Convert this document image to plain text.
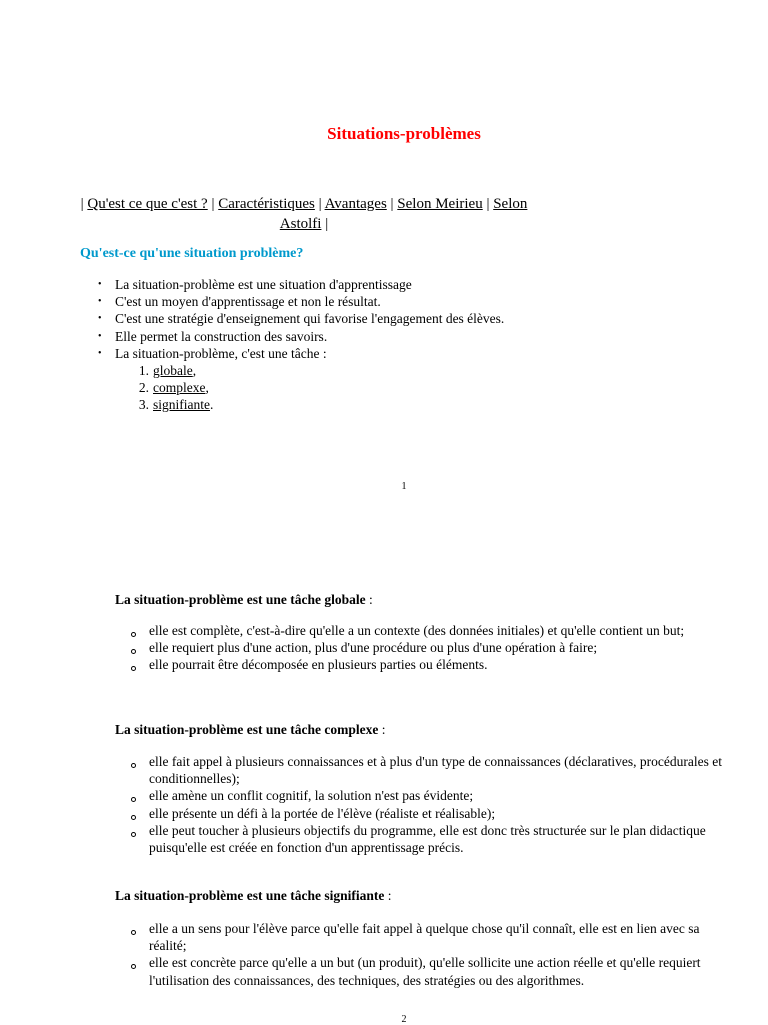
Situations-problèmes
| Qu'est ce que c'est ? | Caractéristiques | Avantages | Selon Meirieu | Selon Astolfi |
Qu'est-ce qu'une situation problème?
• La situation-problème est une situation d'apprentissage
• C'est un moyen d'apprentissage et non le résultat.
• C'est une stratégie d'enseignement qui favorise l'engagement des élèves.
• Elle permet la construction des savoirs.
• La situation-problème, c'est une tâche :
1. globale,
2. complexe,
3. signifiante.
1
La situation-problème est une tâche globale :
elle est complète, c'est-à-dire qu'elle a un contexte (des données initiales) et qu'elle contient un but;
elle requiert plus d'une action, plus d'une procédure ou plus d'une opération à faire;
elle pourrait être décomposée en plusieurs parties ou éléments.
La situation-problème est une tâche complexe :
elle fait appel à plusieurs connaissances et à plus d'un type de connaissances (déclaratives, procédurales et conditionnelles);
elle amène un conflit cognitif, la solution n'est pas évidente;
elle présente un défi à la portée de l'élève (réaliste et réalisable);
elle peut toucher à plusieurs objectifs du programme, elle est donc très structurée sur le plan didactique puisqu'elle est créée en fonction d'un apprentissage précis.
La situation-problème est une tâche signifiante :
elle a un sens pour l'élève parce qu'elle fait appel à quelque chose qu'il connaît, elle est en lien avec sa réalité;
elle est concrète parce qu'elle a un but (un produit), qu'elle sollicite une action réelle et qu'elle requiert l'utilisation des connaissances, des techniques, des stratégies ou des algorithmes.
2
